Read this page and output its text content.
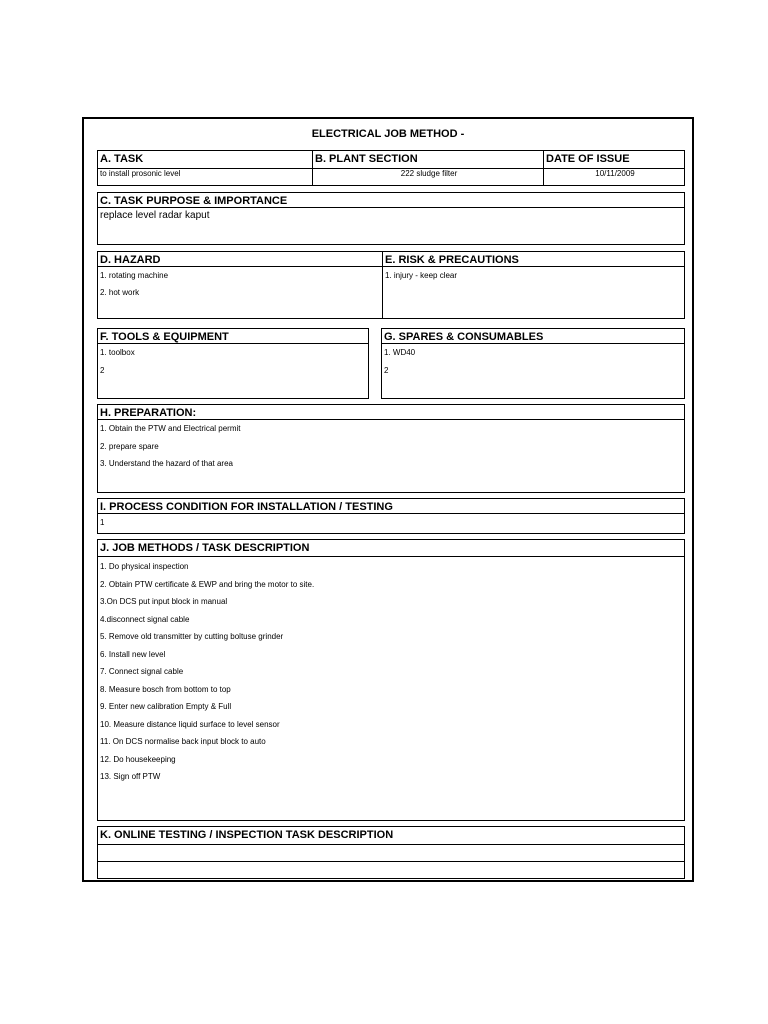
ELECTRICAL JOB METHOD -
A. TASK
to install prosonic level
B. PLANT SECTION
222 sludge filter
DATE OF ISSUE
10/11/2009
C. TASK PURPOSE & IMPORTANCE
replace level radar kaput
D. HAZARD
1. rotating machine
2. hot work
E. RISK & PRECAUTIONS
1. injury - keep clear
F. TOOLS & EQUIPMENT
1. toolbox
2
G. SPARES & CONSUMABLES
1. WD40
2
H. PREPARATION:
1. Obtain the PTW and Electrical permit
2. prepare spare
3. Understand the hazard of that area
I. PROCESS CONDITION FOR INSTALLATION / TESTING
1
J. JOB METHODS / TASK DESCRIPTION
1. Do physical inspection
2. Obtain PTW certificate & EWP and bring the motor to site.
3.On DCS put input block in manual
4.disconnect signal cable
5. Remove old transmitter by cutting boltuse grinder
6. Install new level
7. Connect signal cable
8. Measure bosch from bottom to top
9. Enter new calibration Empty & Full
10. Measure distance liquid surface to level sensor
11. On DCS normalise back input block to auto
12. Do housekeeping
13. Sign off PTW
K. ONLINE TESTING / INSPECTION TASK DESCRIPTION
